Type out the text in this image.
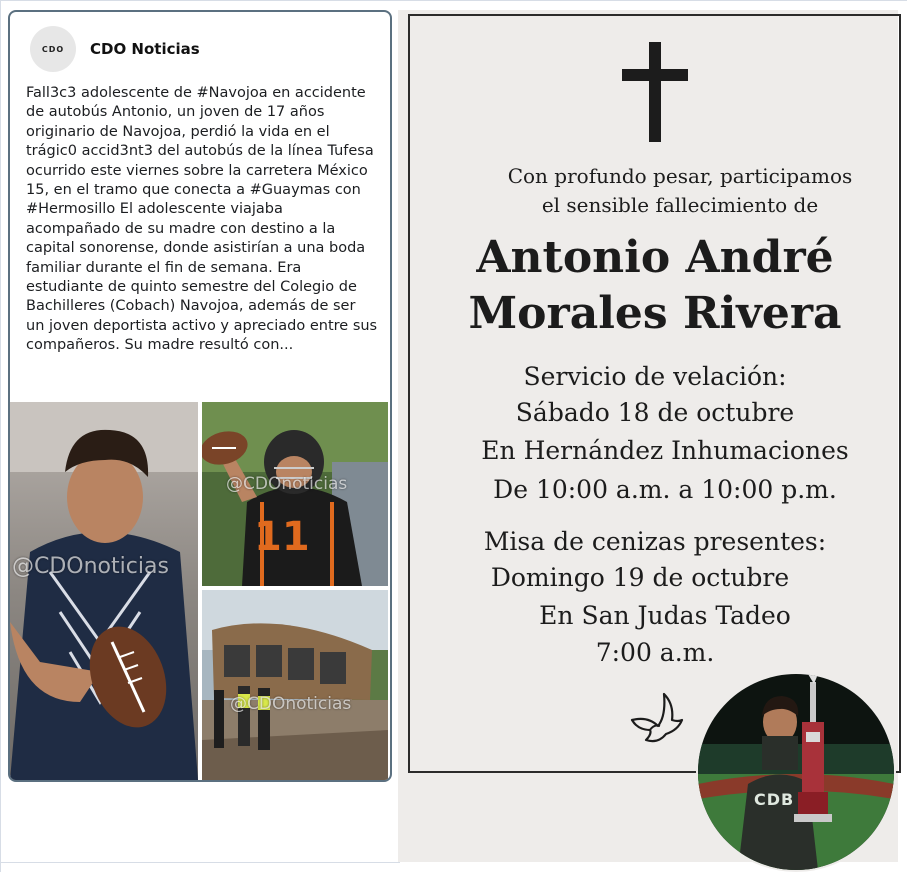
CDO CDO Noticias
Fall3c3 adolescente de #Navojoa en accidente de autobús Antonio, un joven de 17 años originario de Navojoa, perdió la vida en el trágic0 accid3nt3 del autobús de la línea Tufesa ocurrido este viernes sobre la carretera México 15, en el tramo que conecta a #Guaymas con #Hermosillo El adolescente viajaba acompañado de su madre con destino a la capital sonorense, donde asistirían a una boda familiar durante el fin de semana. Era estudiante de quinto semestre del Colegio de Bachilleres (Cobach) Navojoa, además de ser un joven deportista activo y apreciado entre sus compañeros. Su madre resultó con...
@CDOnoticias
@CDOnoticias
11
@CDOnoticias
Con profundo pesar, participamos
el sensible fallecimiento de
Antonio André
Morales Rivera
Servicio de velación:
Sábado 18 de octubre
En Hernández Inhumaciones
De 10:00 a.m. a 10:00 p.m.
Misa de cenizas presentes:
Domingo 19 de octubre
En San Judas Tadeo
7:00 a.m.
CDB
